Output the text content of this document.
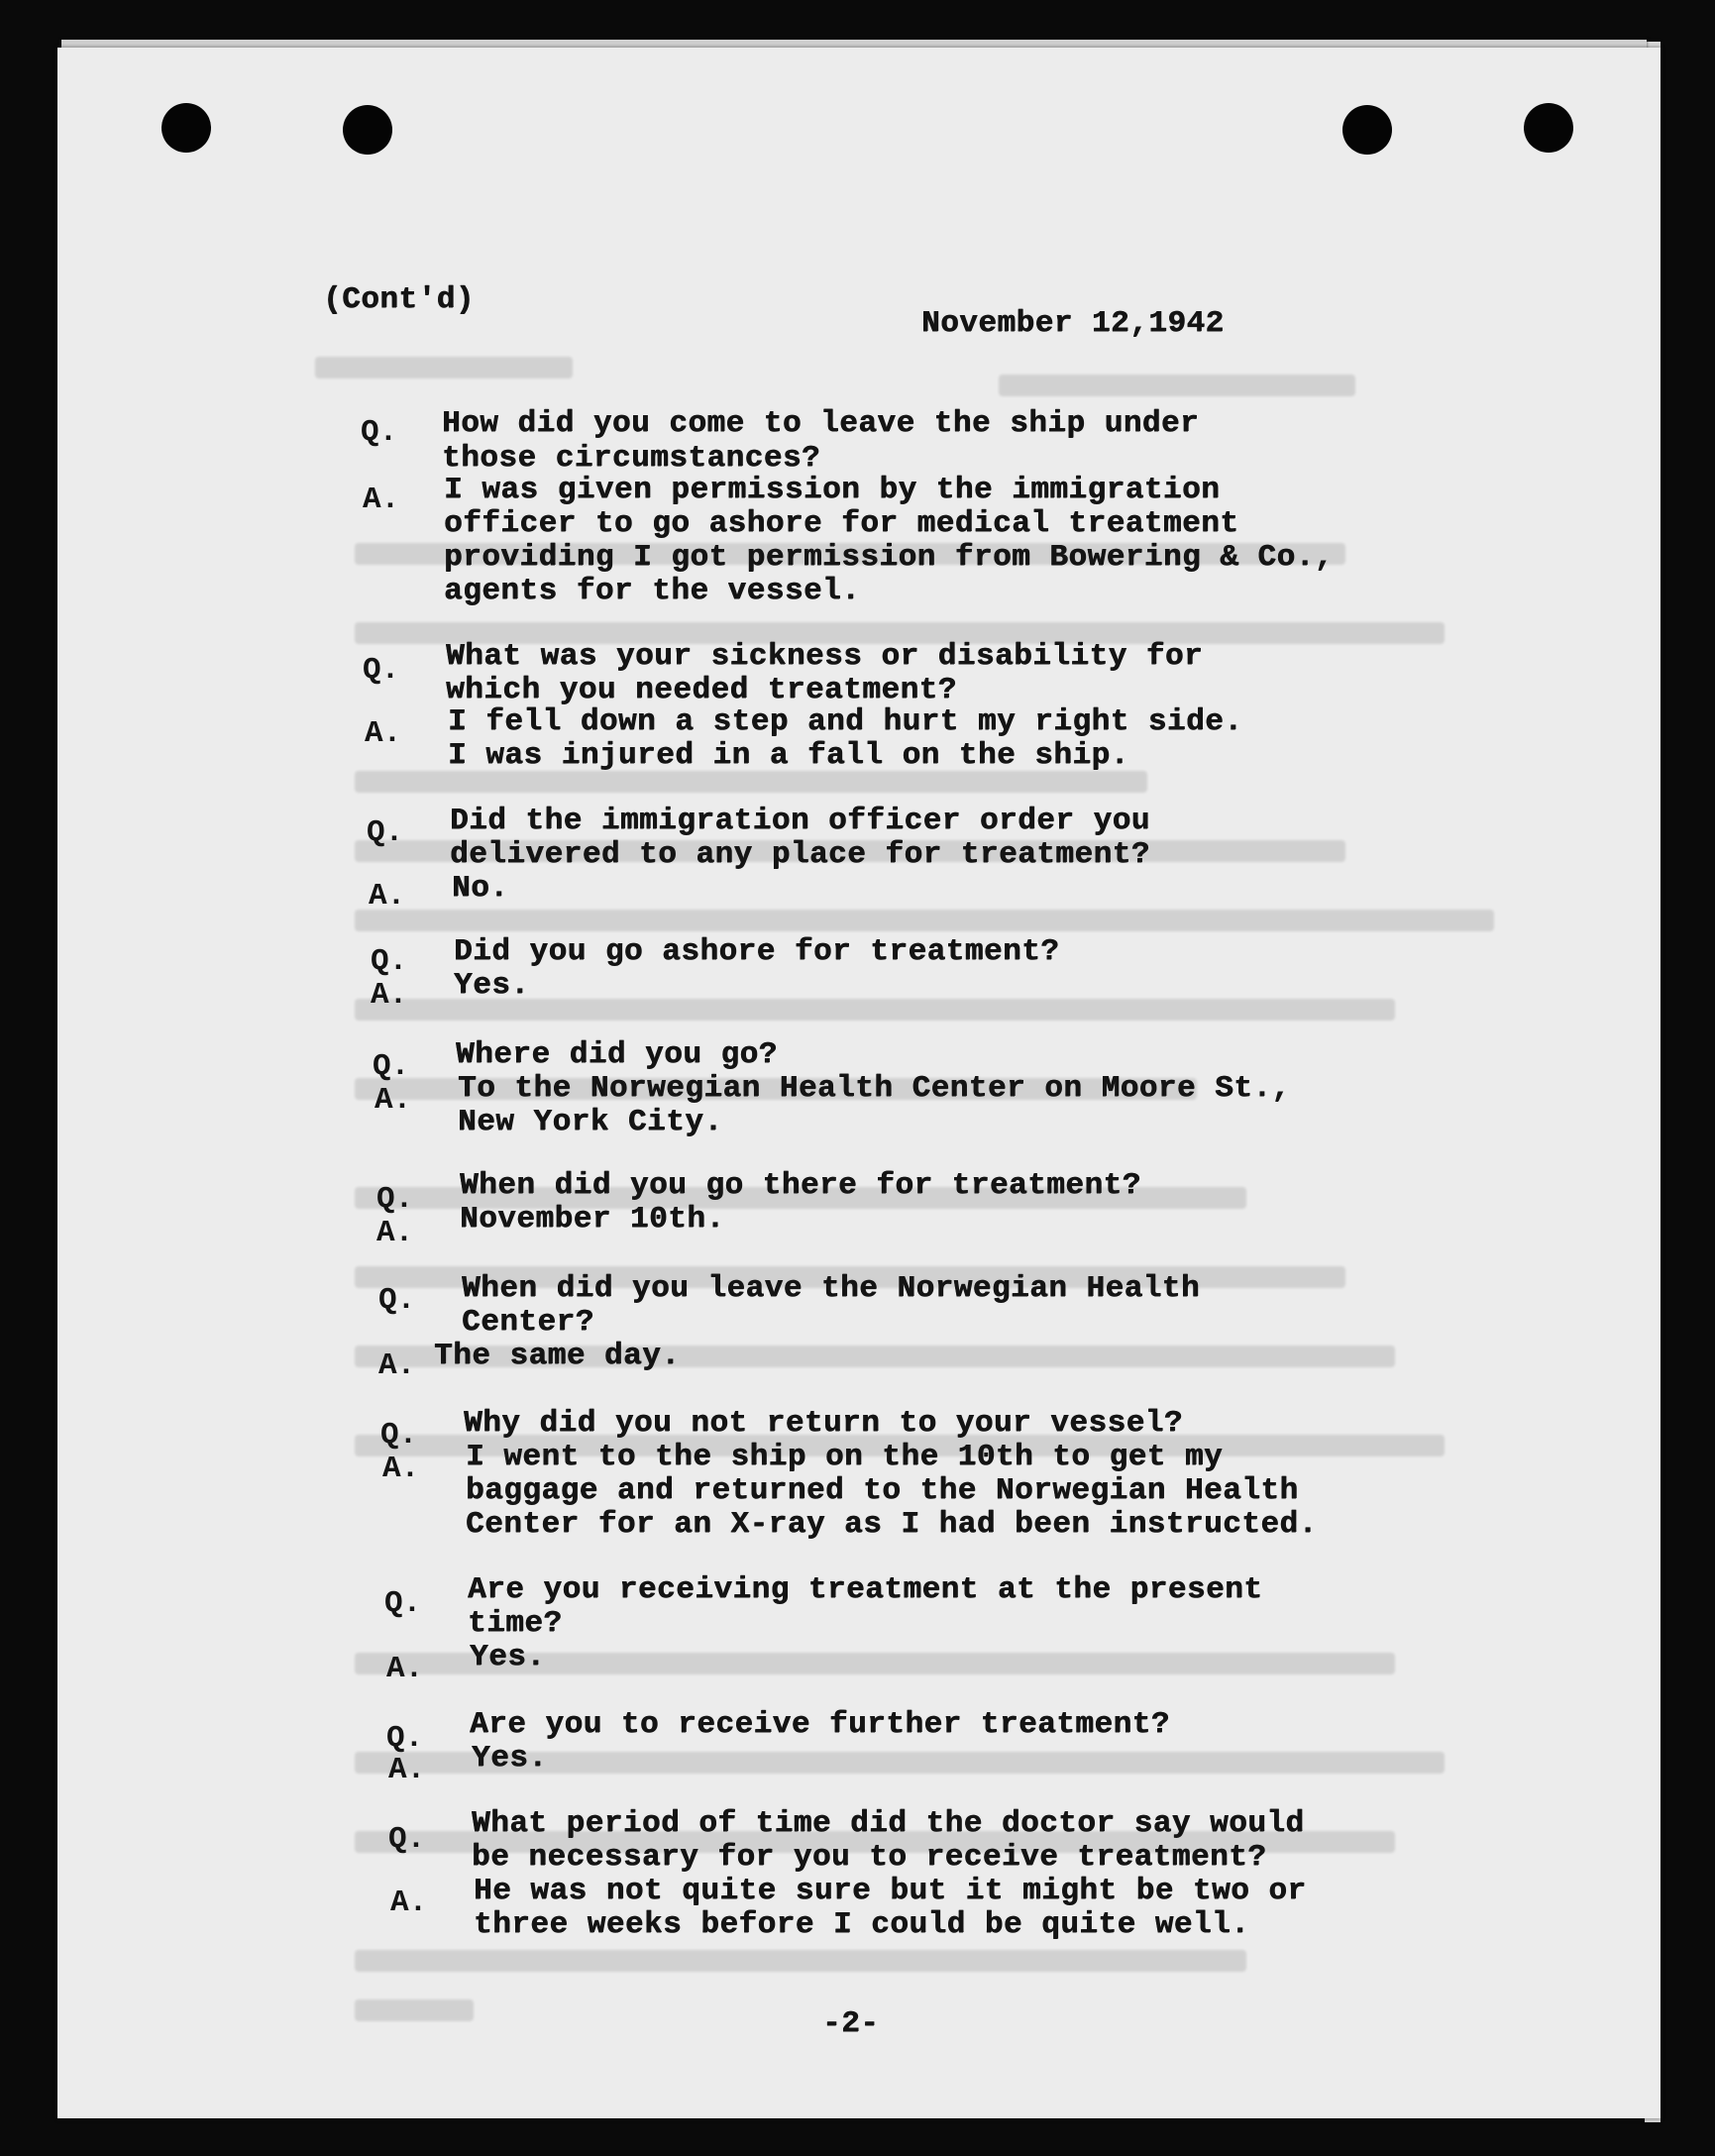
(Cont'd)
November 12,1942
Q. How did you come to leave the ship under
those circumstances?
A. I was given permission by the immigration
officer to go ashore for medical treatment
providing I got permission from Bowering & Co.,
agents for the vessel.
Q. What was your sickness or disability for
which you needed treatment?
A. I fell down a step and hurt my right side.
I was injured in a fall on the ship.
Q. Did the immigration officer order you
delivered to any place for treatment?
A. No.
Q. Did you go ashore for treatment?
A. Yes.
Q. Where did you go?
A. To the Norwegian Health Center on Moore St.,
New York City.
Q. When did you go there for treatment?
A. November 10th.
Q. When did you leave the Norwegian Health
Center?
A. The same day.
Q. Why did you not return to your vessel?
A. I went to the ship on the 10th to get my
baggage and returned to the Norwegian Health
Center for an X-ray as I had been instructed.
Q. Are you receiving treatment at the present
time?
A. Yes.
Q. Are you to receive further treatment?
A. Yes.
Q. What period of time did the doctor say would
be necessary for you to receive treatment?
A. He was not quite sure but it might be two or
three weeks before I could be quite well.
-2-
